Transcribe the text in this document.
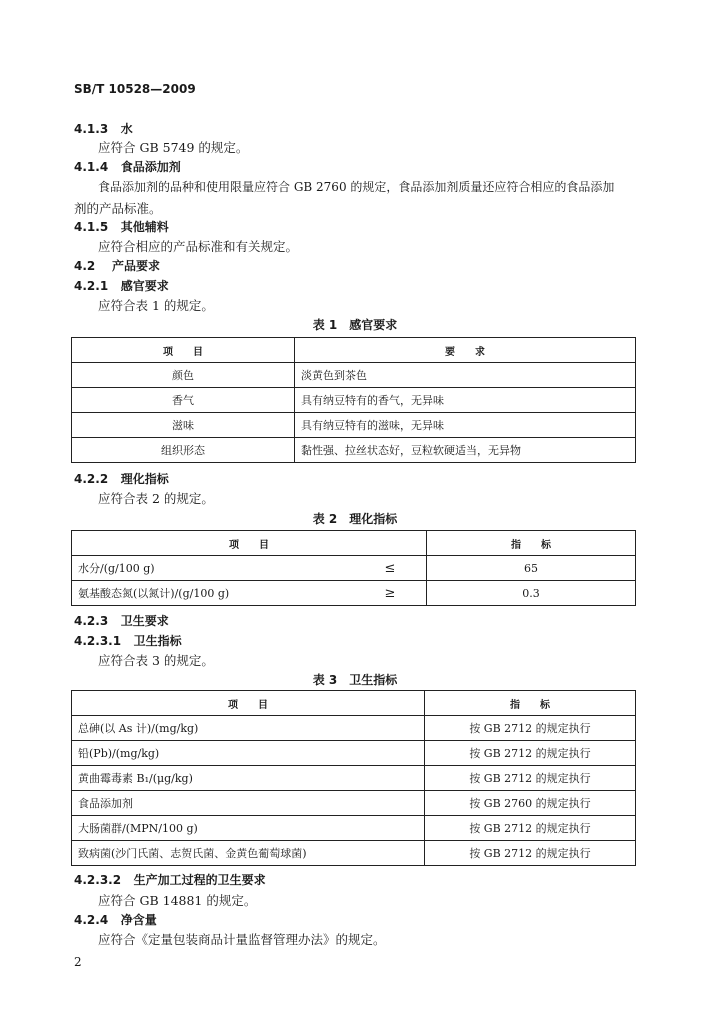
SB/T 10528—2009
4.1.3 水
应符合 GB 5749 的规定。
4.1.4 食品添加剂
食品添加剂的品种和使用限量应符合 GB 2760 的规定，食品添加剂质量还应符合相应的食品添加
剂的产品标准。
4.1.5 其他辅料
应符合相应的产品标准和有关规定。
4.2 产品要求
4.2.1 感官要求
应符合表 1 的规定。
表 1　感官要求
项　　目	要　　求
颜色	淡黄色到茶色
香气	具有纳豆特有的香气，无异味
滋味	具有纳豆特有的滋味，无异味
组织形态	黏性强、拉丝状态好，豆粒软硬适当，无异物
4.2.2 理化指标
应符合表 2 的规定。
表 2　理化指标
项　　目		指　　标
水分/(g/100 g)	≤	65
氨基酸态氮(以氮计)/(g/100 g)	≥	0.3
4.2.3 卫生要求
4.2.3.1 卫生指标
应符合表 3 的规定。
表 3　卫生指标
项　　目	指　　标
总砷(以 As 计)/(mg/kg)	按 GB 2712 的规定执行
铅(Pb)/(mg/kg)	按 GB 2712 的规定执行
黄曲霉毒素 B₁/(μg/kg)	按 GB 2712 的规定执行
食品添加剂	按 GB 2760 的规定执行
大肠菌群/(MPN/100 g)	按 GB 2712 的规定执行
致病菌(沙门氏菌、志贺氏菌、金黄色葡萄球菌)	按 GB 2712 的规定执行
4.2.3.2 生产加工过程的卫生要求
应符合 GB 14881 的规定。
4.2.4 净含量
应符合《定量包装商品计量监督管理办法》的规定。
2
